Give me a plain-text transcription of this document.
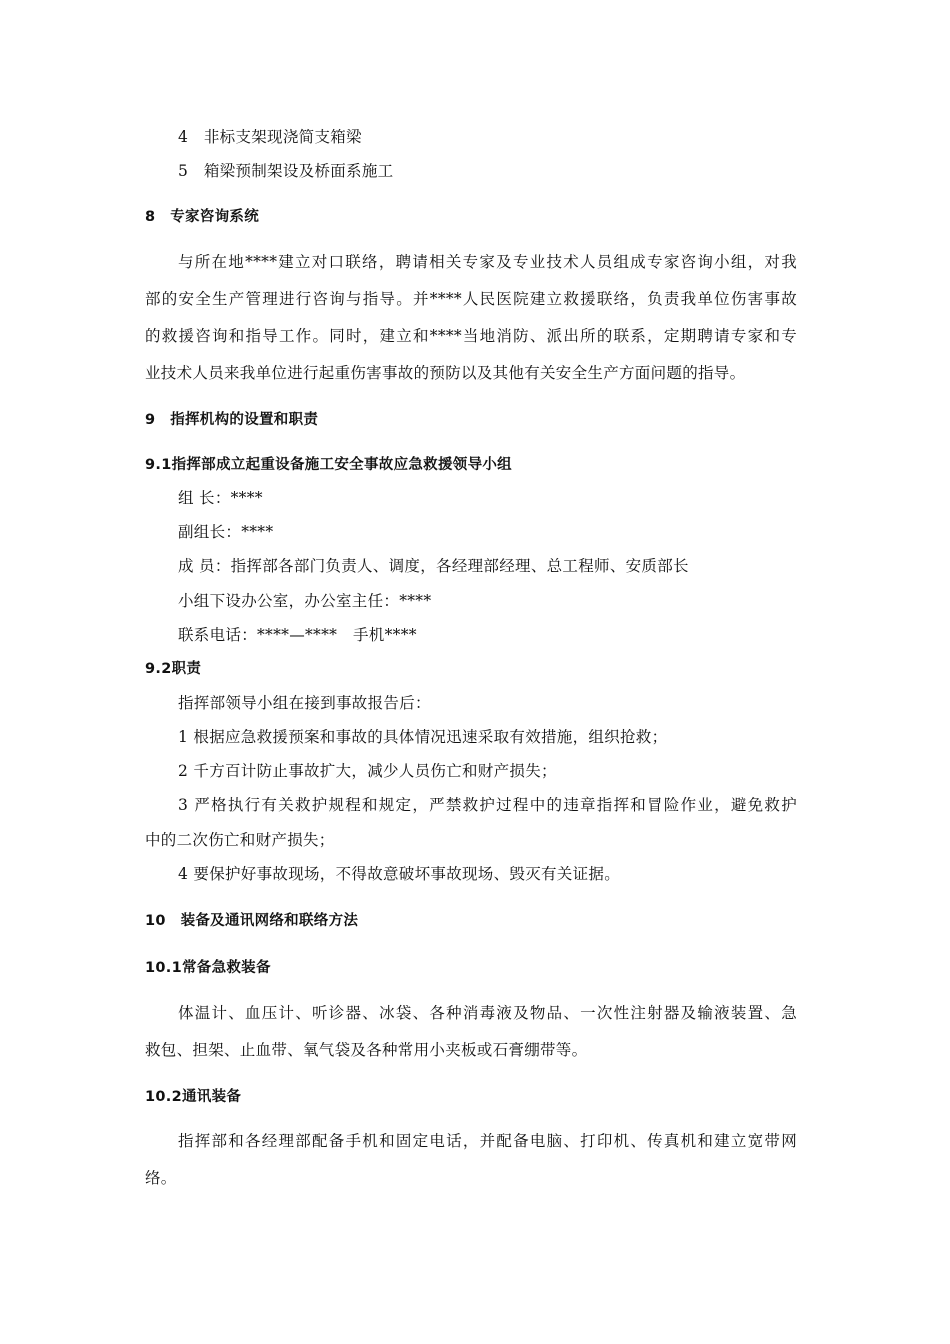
4 非标支架现浇简支箱梁
5 箱梁预制架设及桥面系施工
8　专家咨询系统
与所在地****建立对口联络，聘请相关专家及专业技术人员组成专家咨询小组，对我
部的安全生产管理进行咨询与指导。并****人民医院建立救援联络，负责我单位伤害事故
的救援咨询和指导工作。同时，建立和****当地消防、派出所的联系，定期聘请专家和专
业技术人员来我单位进行起重伤害事故的预防以及其他有关安全生产方面问题的指导。
9　指挥机构的设置和职责
9.1指挥部成立起重设备施工安全事故应急救援领导小组
组 长：****
副组长：****
成 员：指挥部各部门负责人、调度，各经理部经理、总工程师、安质部长
小组下设办公室，办公室主任：****
联系电话：****—****　手机****
9.2职责
指挥部领导小组在接到事故报告后：
1 根据应急救援预案和事故的具体情况迅速采取有效措施，组织抢救；
2 千方百计防止事故扩大，减少人员伤亡和财产损失；
3 严格执行有关救护规程和规定，严禁救护过程中的违章指挥和冒险作业，避免救护
中的二次伤亡和财产损失；
4 要保护好事故现场，不得故意破坏事故现场、毁灭有关证据。
10　装备及通讯网络和联络方法
10.1常备急救装备
体温计、血压计、听诊器、冰袋、各种消毒液及物品、一次性注射器及输液装置、急
救包、担架、止血带、氧气袋及各种常用小夹板或石膏绷带等。
10.2通讯装备
指挥部和各经理部配备手机和固定电话，并配备电脑、打印机、传真机和建立宽带网
络。
